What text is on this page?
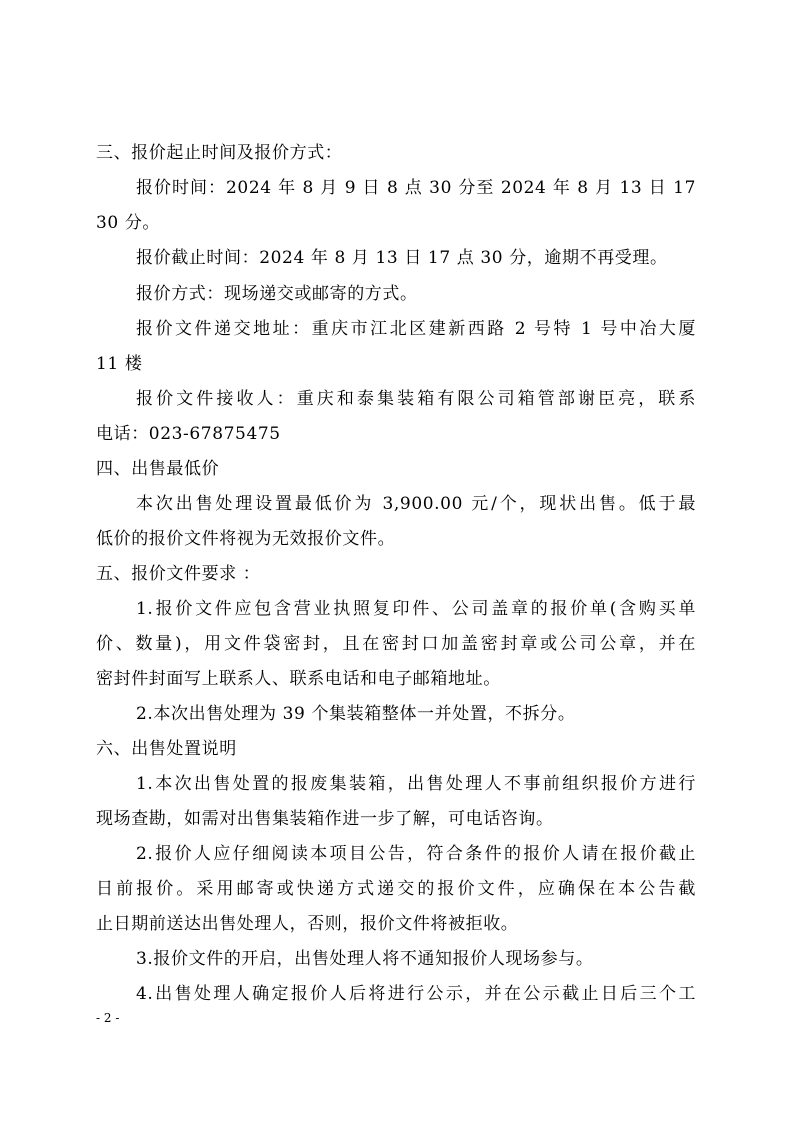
三、报价起止时间及报价方式：
报价时间：2024 年 8 月 9 日 8 点 30 分至 2024 年 8 月 13 日 17
30 分。
报价截止时间：2024 年 8 月 13 日 17 点 30 分，逾期不再受理。
报价方式：现场递交或邮寄的方式。
报价文件递交地址：重庆市江北区建新西路 2 号特 1 号中冶大厦
11 楼
报价文件接收人：重庆和泰集装箱有限公司箱管部谢臣亮，联系
电话：023-67875475
四、出售最低价
本次出售处理设置最低价为 3,900.00 元/个，现状出售。低于最
低价的报价文件将视为无效报价文件。
五、报价文件要求 ：
1.报价文件应包含营业执照复印件、公司盖章的报价单(含购买单
价、数量)，用文件袋密封，且在密封口加盖密封章或公司公章，并在
密封件封面写上联系人、联系电话和电子邮箱地址。
2.本次出售处理为 39 个集装箱整体一并处置，不拆分。
六、出售处置说明
1.本次出售处置的报废集装箱，出售处理人不事前组织报价方进行
现场查勘，如需对出售集装箱作进一步了解，可电话咨询。
2.报价人应仔细阅读本项目公告，符合条件的报价人请在报价截止
日前报价。采用邮寄或快递方式递交的报价文件，应确保在本公告截
止日期前送达出售处理人，否则，报价文件将被拒收。
3.报价文件的开启，出售处理人将不通知报价人现场参与。
4.出售处理人确定报价人后将进行公示，并在公示截止日后三个工
- 2 -
